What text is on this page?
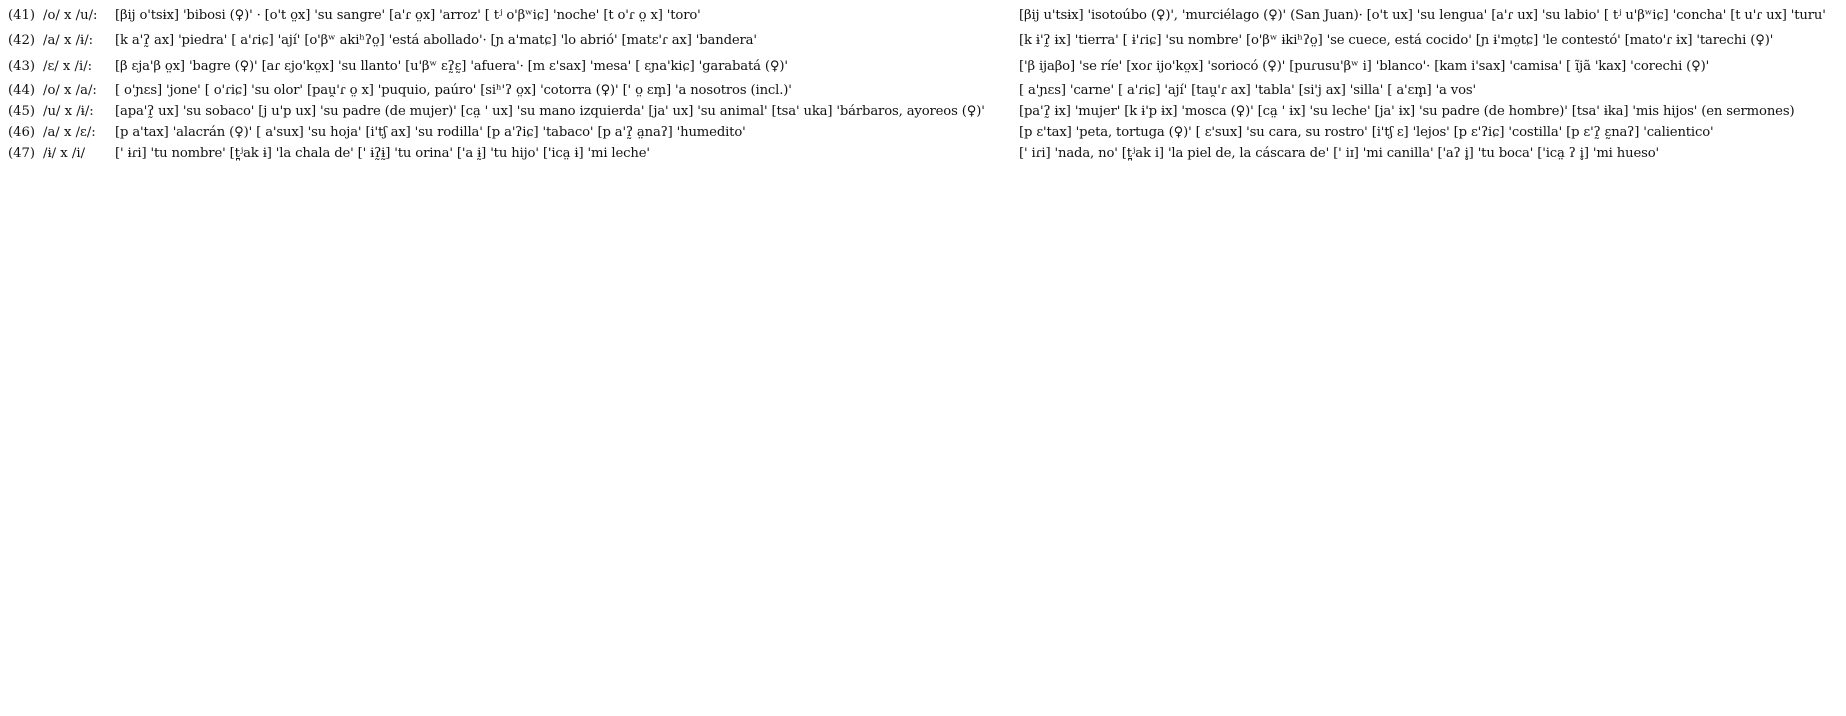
(41) /o/ x /u/: [βij o'tsɨx] 'bibosi (♀)' · [o't o̤x] 'su sangre' [a'ɾ o̤x] 'arroz' [ tʲ o'βʷiɕ] 'noche' [t o'ɾ o̤ x] 'toro'	[βij u'tsɨx] 'isotoúbo (♀)', 'murciélago (♀)' (San Juan)· [o't ux] 'su lengua' [a'ɾ ux] 'su labio' [ tʲ u'βʷiɕ] 'concha' [t u'ɾ ux] 'turu'
(42) /a/ x /ɨ/: [k a'ʔ̰ ax] 'piedra' [ a'ɾiɕ] 'ají' [o'βʷ akiʰʔo̤] 'está abollado'· [ɲ a'matɕ] 'lo abrió' [matɛ'ɾ ax] 'bandera'	[k ɨ'ʔ̰ ɨx] 'tierra' [ ɨ'ɾiɕ] 'su nombre' [o'βʷ ɨkiʰʔo̤] 'se cuece, está cocido' [ɲ ɨ'mo̤tɕ] 'le contestó' [mato'ɾ ɨx] 'tarechi (♀)'
(43) /ɛ/ x /i/: [β ɛja'β o̤x] 'bagre (♀)' [aɾ ɛjo'ko̤x] 'su llanto' [u'βʷ ɛʔ̰ɛ̰] 'afuera'· [m ɛ'sax] 'mesa' [ ɛɲa'kiɕ] 'garabatá (♀)'	['β ijaβo] 'se ríe' [xoɾ ijo'ko̤x] 'soriocó (♀)' [puɾusu'βʷ i] 'blanco'· [kam i'sax] 'camisa' [ ĩjã 'kax] 'corechi (♀)'
(44) /o/ x /a/: [ o'ɲɛs] 'jone' [ o'ɾiɕ] 'su olor' [pau̯'ɾ o̤ x] 'puquio, paúro' [siʰ'ʔ o̤x] 'cotorra (♀)' [' o̤ ɛm̥] 'a nosotros (incl.)'	[ a'ɲɛs] 'carne' [ a'ɾiɕ] 'ají' [tau̯'ɾ ax] 'tabla' [si'j ax] 'silla' [ a'ɛm̥] 'a vos'
(45) /u/ x /ɨ/: [apa'ʔ̰ ux] 'su sobaco' [j u'p ux] 'su padre (de mujer)' [ca̤ ' ux] 'su mano izquierda' [ja' ux] 'su animal' [tsa' uka] 'bárbaros, ayoreos (♀)'	[pa'ʔ̰ ɨx] 'mujer' [k ɨ'p ɨx] 'mosca (♀)' [ca̤ ' ɨx] 'su leche' [ja' ɨx] 'su padre (de hombre)' [tsa' ɨka] 'mis hijos' (en sermones)
(46) /a/ x /ɛ/: [p a'tax] 'alacrán (♀)' [ a'sux] 'su hoja' [i'tʃ ax] 'su rodilla' [p a'ʔiɕ] 'tabaco' [p a'ʔ̰ a̤naʔ] 'humedito'	[p ɛ'tax] 'peta, tortuga (♀)' [ ɛ'sux] 'su cara, su rostro' [i'tʃ ɛ] 'lejos' [p ɛ'ʔiɕ] 'costilla' [p ɛ'ʔ̰ ɛ̰naʔ] 'calientico'
(47) /ɨ/ x /i/ [' ɨɾi] 'tu nombre' [t̪ʲak ɨ] 'la chala de' [' ɨʔ̰ɨ̰] 'tu orina' ['a ɨ̰] 'tu hijo' ['ica̤ ɨ] 'mi leche'	[' iɾi] 'nada, no' [t̪ʲak i] 'la piel de, la cáscara de' [' iɪ] 'mi canilla' ['aʔ i̥] 'tu boca' ['ica̤ ʔ i̥] 'mi hueso'
